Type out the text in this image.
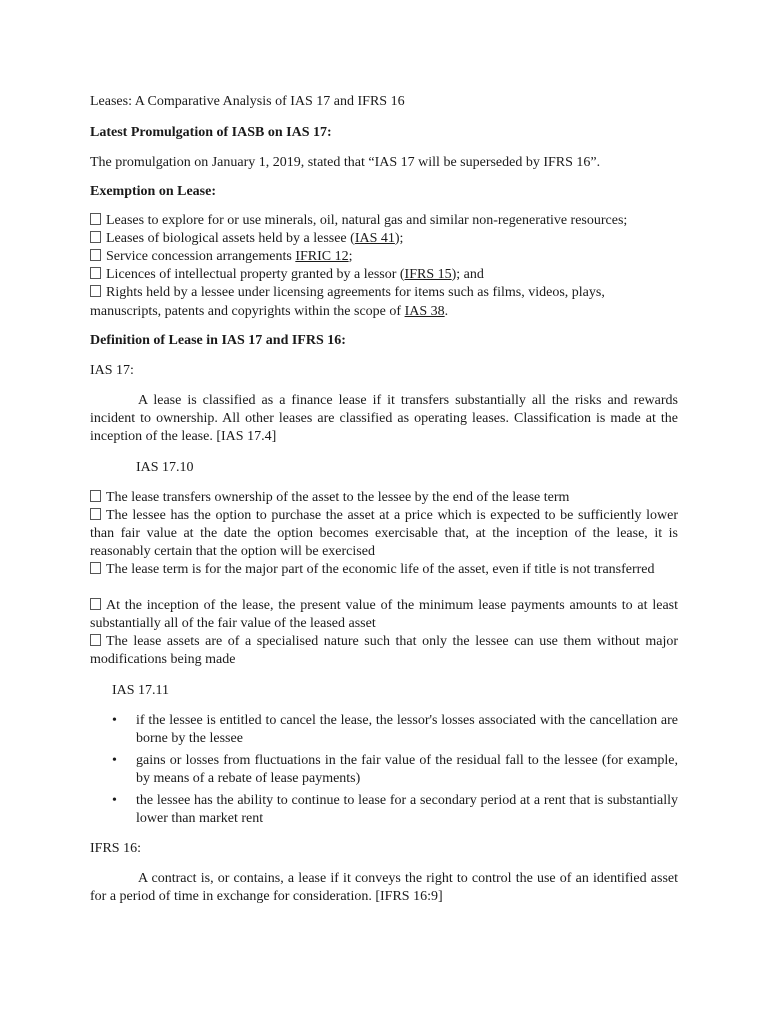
Leases: A Comparative Analysis of IAS 17 and IFRS 16
Latest Promulgation of IASB on IAS 17:
The promulgation on January 1, 2019, stated that “IAS 17 will be superseded by IFRS 16”.
Exemption on Lease:
Leases to explore for or use minerals, oil, natural gas and similar non-regenerative resources;
Leases of biological assets held by a lessee (IAS 41);
Service concession arrangements IFRIC 12;
Licences of intellectual property granted by a lessor (IFRS 15); and
Rights held by a lessee under licensing agreements for items such as films, videos, plays,
manuscripts, patents and copyrights within the scope of IAS 38.
Definition of Lease in IAS 17 and IFRS 16:
IAS 17:
A lease is classified as a finance lease if it transfers substantially all the risks and rewards incident to ownership. All other leases are classified as operating leases. Classification is made at the inception of the lease. [IAS 17.4]
IAS 17.10
The lease transfers ownership of the asset to the lessee by the end of the lease term
The lessee has the option to purchase the asset at a price which is expected to be sufficiently lower than fair value at the date the option becomes exercisable that, at the inception of the lease, it is reasonably certain that the option will be exercised
The lease term is for the major part of the economic life of the asset, even if title is not transferred
At the inception of the lease, the present value of the minimum lease payments amounts to at least substantially all of the fair value of the leased asset
The lease assets are of a specialised nature such that only the lessee can use them without major modifications being made
IAS 17.11
• if the lessee is entitled to cancel the lease, the lessor's losses associated with the cancellation are borne by the lessee
• gains or losses from fluctuations in the fair value of the residual fall to the lessee (for example, by means of a rebate of lease payments)
• the lessee has the ability to continue to lease for a secondary period at a rent that is substantially lower than market rent
IFRS 16:
A contract is, or contains, a lease if it conveys the right to control the use of an identified asset for a period of time in exchange for consideration. [IFRS 16:9]
